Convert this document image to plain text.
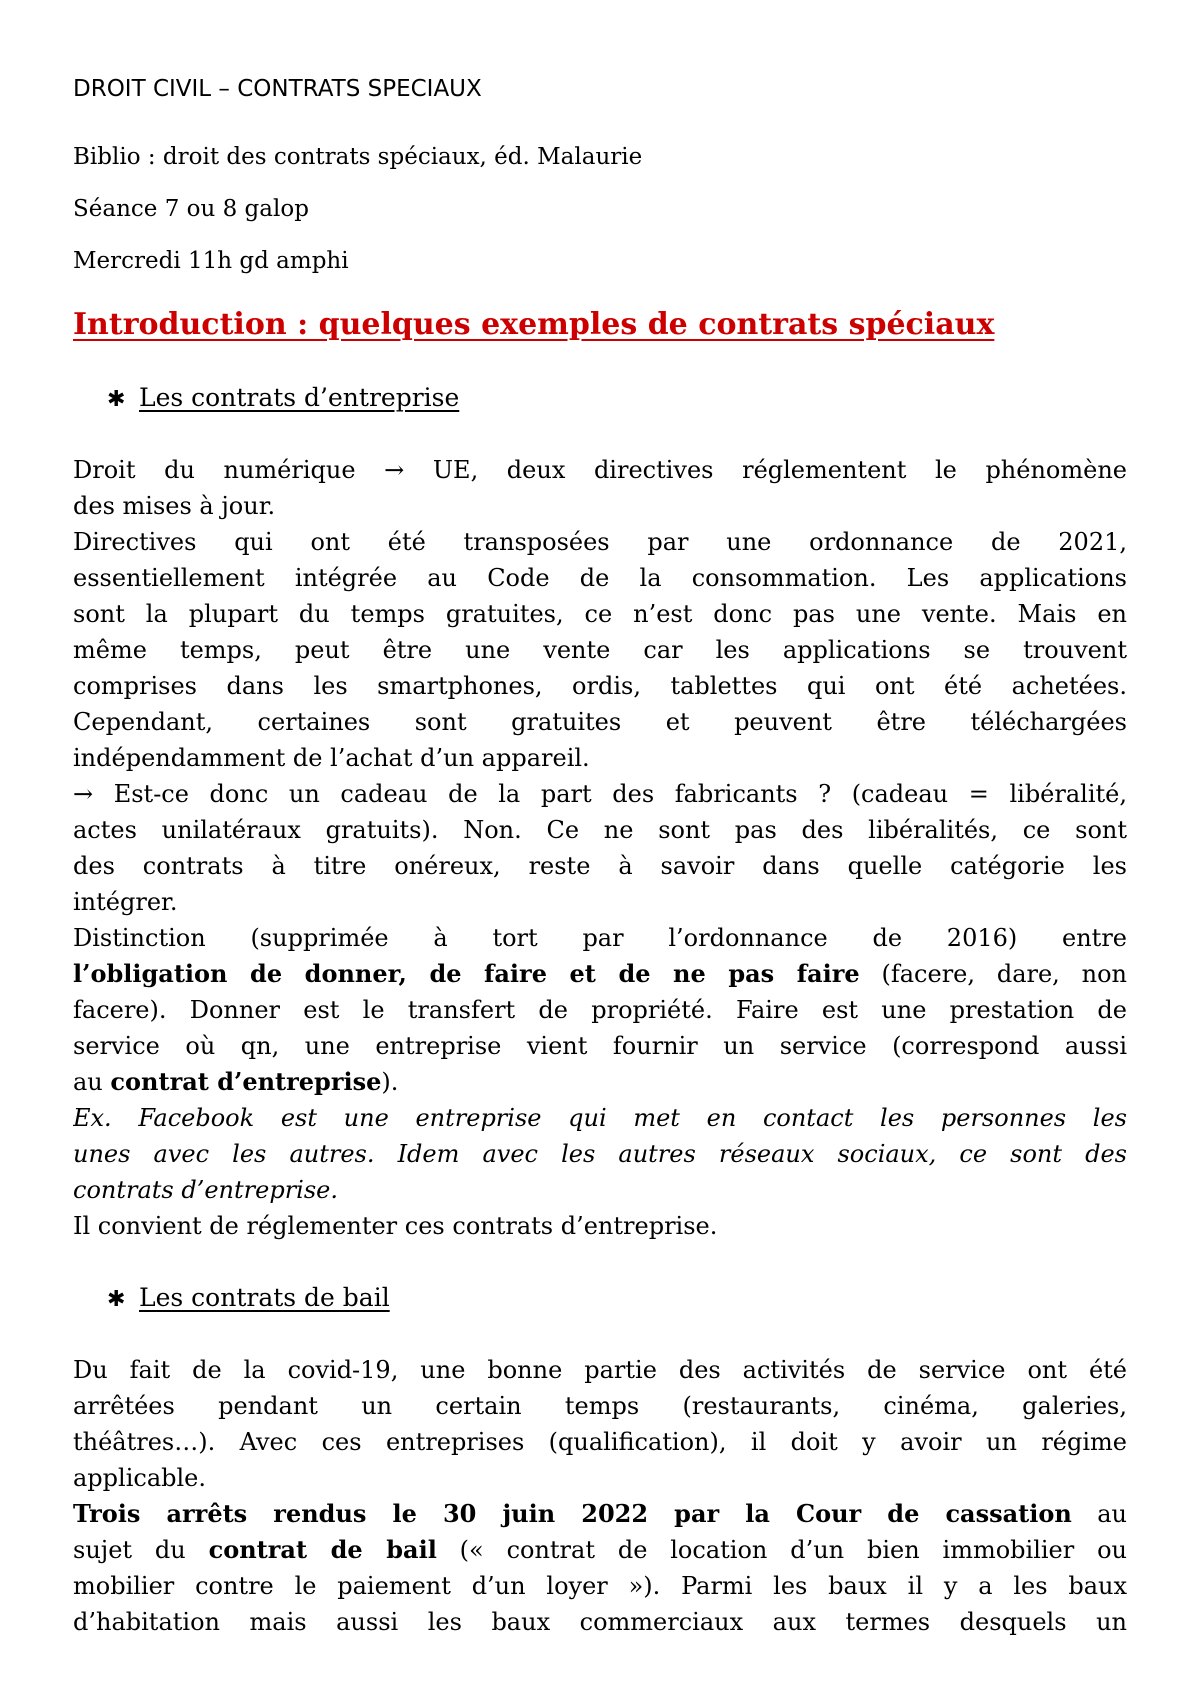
DROIT CIVIL – CONTRATS SPECIAUX
Biblio : droit des contrats spéciaux, éd. Malaurie
Séance 7 ou 8 galop
Mercredi 11h gd amphi
Introduction : quelques exemples de contrats spéciaux
✱ Les contrats d’entreprise
Droit du numérique → UE, deux directives réglementent le phénomène
des mises à jour.
Directives qui ont été transposées par une ordonnance de 2021,
essentiellement intégrée au Code de la consommation. Les applications
sont la plupart du temps gratuites, ce n’est donc pas une vente. Mais en
même temps, peut être une vente car les applications se trouvent
comprises dans les smartphones, ordis, tablettes qui ont été achetées.
Cependant, certaines sont gratuites et peuvent être téléchargées
indépendamment de l’achat d’un appareil.
→ Est-ce donc un cadeau de la part des fabricants ? (cadeau = libéralité,
actes unilatéraux gratuits). Non. Ce ne sont pas des libéralités, ce sont
des contrats à titre onéreux, reste à savoir dans quelle catégorie les
intégrer.
Distinction (supprimée à tort par l’ordonnance de 2016) entre
l’obligation de donner, de faire et de ne pas faire (facere, dare, non
facere). Donner est le transfert de propriété. Faire est une prestation de
service où qn, une entreprise vient fournir un service (correspond aussi
au contrat d’entreprise).
Ex. Facebook est une entreprise qui met en contact les personnes les
unes avec les autres. Idem avec les autres réseaux sociaux, ce sont des
contrats d’entreprise.
Il convient de réglementer ces contrats d’entreprise.
✱ Les contrats de bail
Du fait de la covid-19, une bonne partie des activités de service ont été
arrêtées pendant un certain temps (restaurants, cinéma, galeries,
théâtres…). Avec ces entreprises (qualification), il doit y avoir un régime
applicable.
Trois arrêts rendus le 30 juin 2022 par la Cour de cassation au
sujet du contrat de bail (« contrat de location d’un bien immobilier ou
mobilier contre le paiement d’un loyer »). Parmi les baux il y a les baux
d’habitation mais aussi les baux commerciaux aux termes desquels un
